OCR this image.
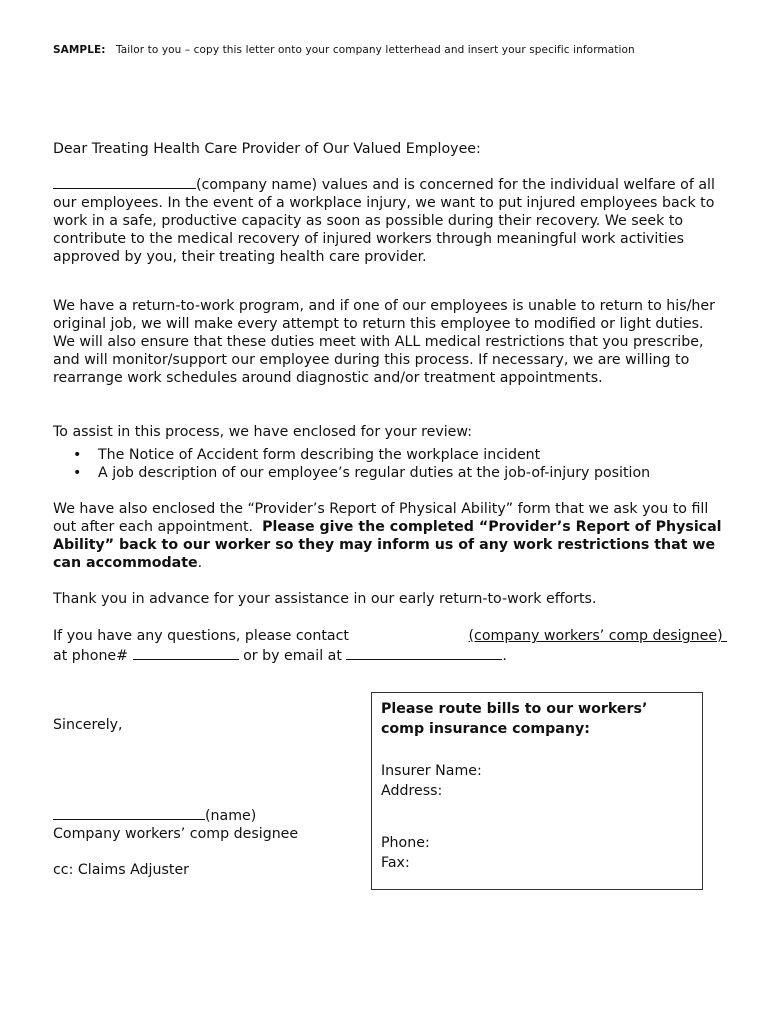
SAMPLE: Tailor to you – copy this letter onto your company letterhead and insert your specific information

Dear Treating Health Care Provider of Our Valued Employee:

(company name) values and is concerned for the individual welfare of all our employees. In the event of a workplace injury, we want to put injured employees back to work in a safe, productive capacity as soon as possible during their recovery. We seek to contribute to the medical recovery of injured workers through meaningful work activities approved by you, their treating health care provider.

We have a return-to-work program, and if one of our employees is unable to return to his/her original job, we will make every attempt to return this employee to modified or light duties. We will also ensure that these duties meet with ALL medical restrictions that you prescribe, and will monitor/support our employee during this process. If necessary, we are willing to rearrange work schedules around diagnostic and/or treatment appointments.

To assist in this process, we have enclosed for your review:

• The Notice of Accident form describing the workplace incident
• A job description of our employee’s regular duties at the job-of-injury position

We have also enclosed the “Provider’s Report of Physical Ability” form that we ask you to fill out after each appointment.  Please give the completed “Provider’s Report of Physical Ability” back to our worker so they may inform us of any work restrictions that we can accommodate.

Thank you in advance for your assistance in our early return-to-work efforts.

If you have any questions, please contact	(company workers’ comp designee)  at phone#	or by email at	.

Sincerely,

(name)
Company workers’ comp designee
cc: Claims Adjuster
Please route bills to our workers’ comp insurance company:
Insurer Name:
Address:
Phone:
Fax:
